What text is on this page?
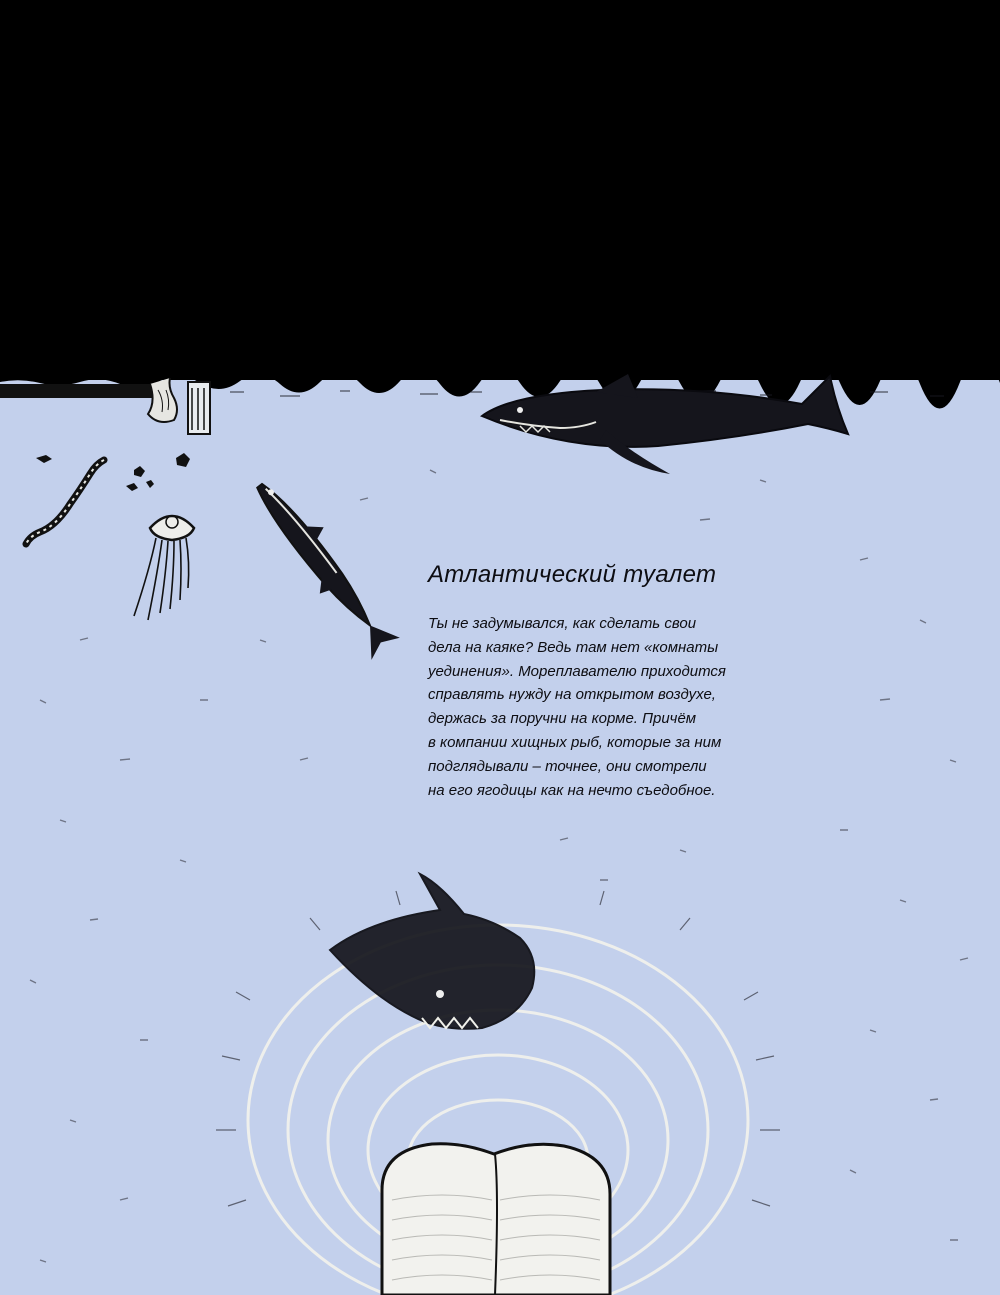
Атлантический туалет

Ты не задумывался, как сделать свои
дела на каяке? Ведь там нет «комнаты
уединения». Мореплавателю приходится
справлять нужду на открытом воздухе,
держась за поручни на корме. Причём
в компании хищных рыб, которые за ним
подглядывали – точнее, они смотрели
на его ягодицы как на нечто съедобное.
